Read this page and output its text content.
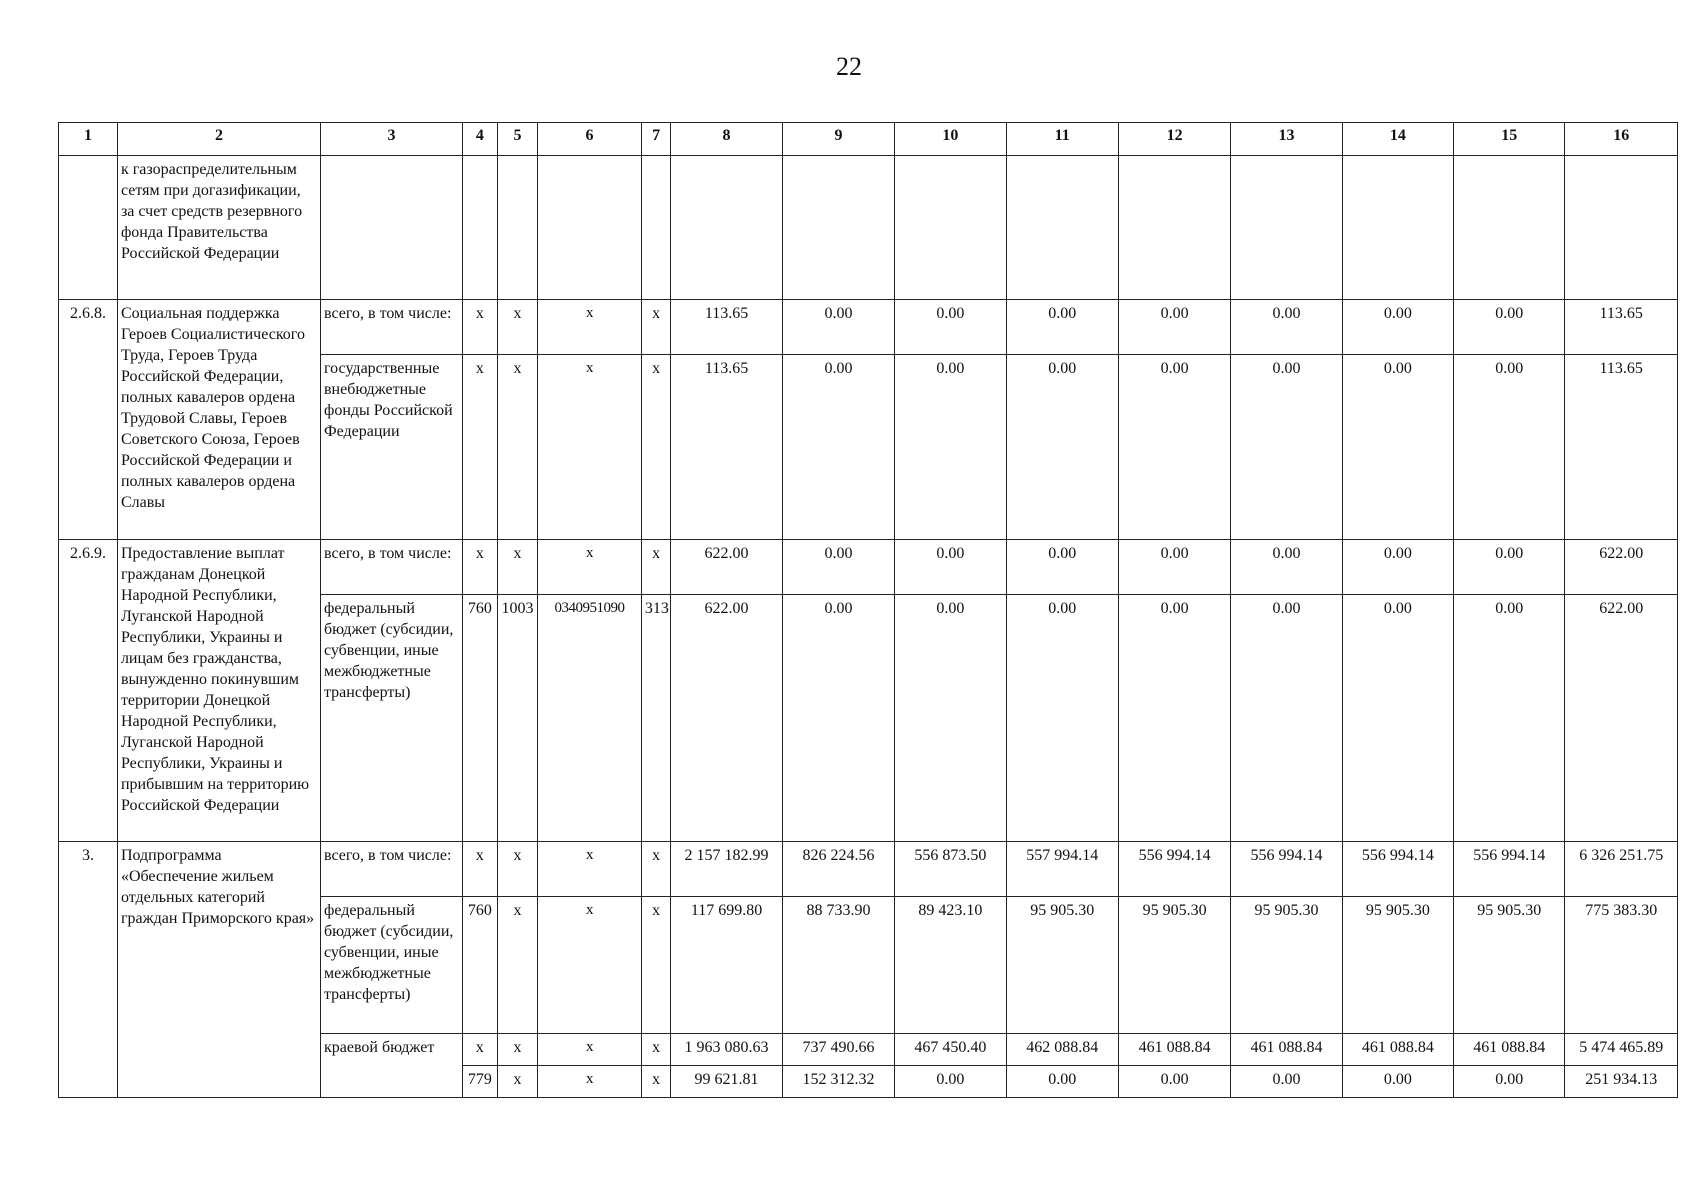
22
1	2	3	4	5	6	7	8	9	10	11	12	13	14	15	16
	к газораспределительным сетям при догазификации, за счет средств резервного фонда Правительства Российской Федерации														
2.6.8.	Социальная поддержка Героев Социалистического Труда, Героев Труда Российской Федерации, полных кавалеров ордена Трудовой Славы, Героев Советского Союза, Героев Российской Федерации и полных кавалеров ордена Славы	всего, в том числе:	x	x	x	x	113.65	0.00	0.00	0.00	0.00	0.00	0.00	0.00	113.65
		государственные внебюджетные фонды Российской Федерации	x	x	x	x	113.65	0.00	0.00	0.00	0.00	0.00	0.00	0.00	113.65
2.6.9.	Предоставление выплат гражданам Донецкой Народной Республики, Луганской Народной Республики, Украины и лицам без гражданства, вынужденно покинувшим территории Донецкой Народной Республики, Луганской Народной Республики, Украины и прибывшим на территорию Российской Федерации	всего, в том числе:	x	x	x	x	622.00	0.00	0.00	0.00	0.00	0.00	0.00	0.00	622.00
		федеральный бюджет (субсидии, субвенции, иные межбюджетные трансферты)	760	1003	0340951090	313	622.00	0.00	0.00	0.00	0.00	0.00	0.00	0.00	622.00
3.	Подпрограмма «Обеспечение жильем отдельных категорий граждан Приморского края»	всего, в том числе:	x	x	x	x	2 157 182.99	826 224.56	556 873.50	557 994.14	556 994.14	556 994.14	556 994.14	556 994.14	6 326 251.75
		федеральный бюджет (субсидии, субвенции, иные межбюджетные трансферты)	760	x	x	x	117 699.80	88 733.90	89 423.10	95 905.30	95 905.30	95 905.30	95 905.30	95 905.30	775 383.30
		краевой бюджет	x	x	x	x	1 963 080.63	737 490.66	467 450.40	462 088.84	461 088.84	461 088.84	461 088.84	461 088.84	5 474 465.89
			779	x	x	x	99 621.81	152 312.32	0.00	0.00	0.00	0.00	0.00	0.00	251 934.13
